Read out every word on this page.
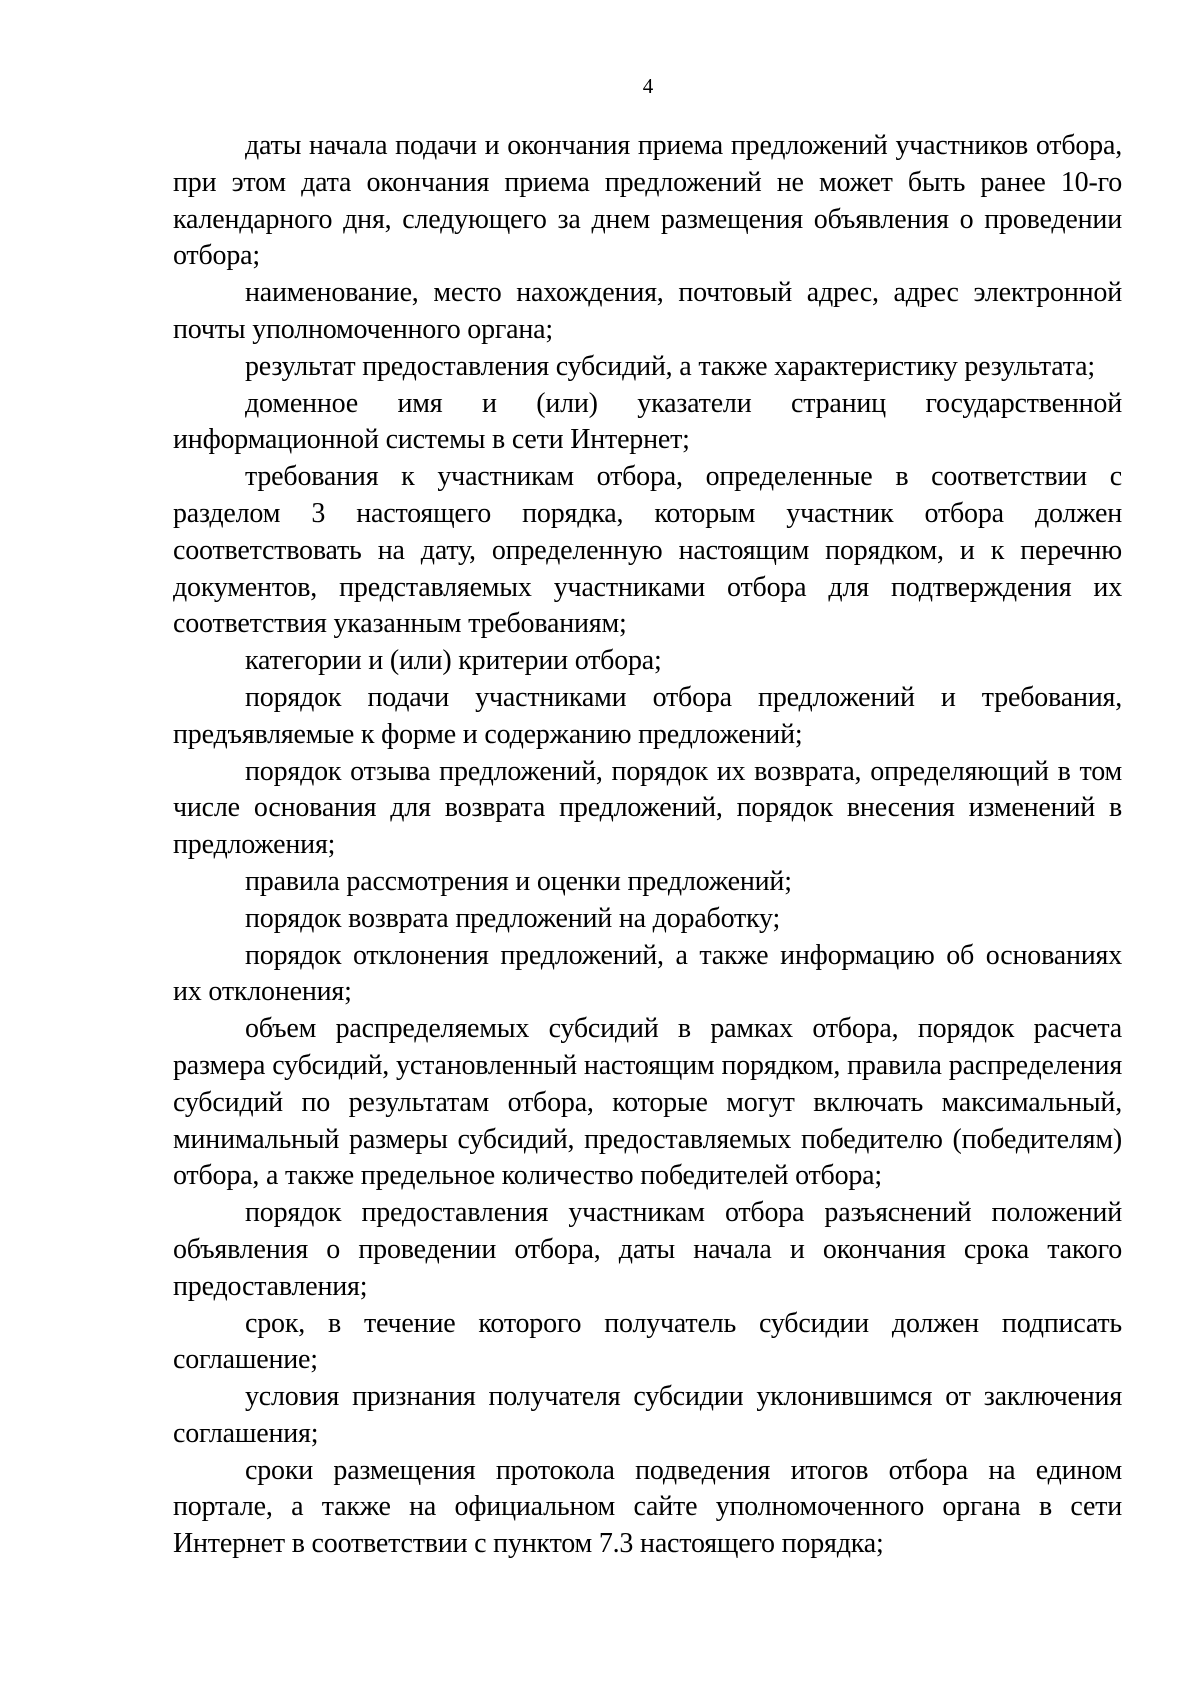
4

даты начала подачи и окончания приема предложений участников отбора, при этом дата окончания приема предложений не может быть ранее 10-го календарного дня, следующего за днем размещения объявления о проведении отбора;

наименование, место нахождения, почтовый адрес, адрес электронной почты уполномоченного органа;

результат предоставления субсидий, а также характеристику результата;

доменное имя и (или) указатели страниц государственной информационной системы в сети Интернет;

требования к участникам отбора, определенные в соответствии с разделом 3 настоящего порядка, которым участник отбора должен соответствовать на дату, определенную настоящим порядком, и к перечню документов, представляемых участниками отбора для подтверждения их соответствия указанным требованиям;

категории и (или) критерии отбора;

порядок подачи участниками отбора предложений и требования, предъявляемые к форме и содержанию предложений;

порядок отзыва предложений, порядок их возврата, определяющий в том числе основания для возврата предложений, порядок внесения изменений в предложения;

правила рассмотрения и оценки предложений;

порядок возврата предложений на доработку;

порядок отклонения предложений, а также информацию об основаниях их отклонения;

объем распределяемых субсидий в рамках отбора, порядок расчета размера субсидий, установленный настоящим порядком, правила распределения субсидий по результатам отбора, которые могут включать максимальный, минимальный размеры субсидий, предоставляемых победителю (победителям) отбора, а также предельное количество победителей отбора;

порядок предоставления участникам отбора разъяснений положений объявления о проведении отбора, даты начала и окончания срока такого предоставления;

срок, в течение которого получатель субсидии должен подписать соглашение;

условия признания получателя субсидии уклонившимся от заключения соглашения;

сроки размещения протокола подведения итогов отбора на едином портале, а также на официальном сайте уполномоченного органа в сети Интернет в соответствии с пунктом 7.3 настоящего порядка;
